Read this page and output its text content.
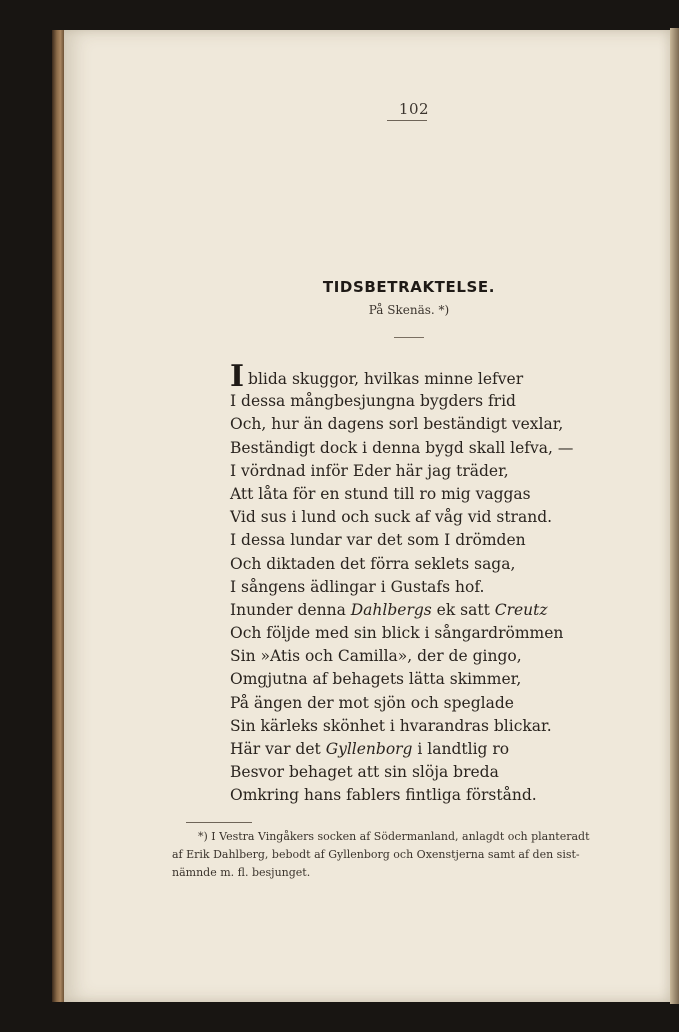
102
TIDSBETRAKTELSE.
På Skenäs. *)
Iblida skuggor, hvilkas minne lefver
I dessa mångbesjungna bygders frid
Och, hur än dagens sorl beständigt vexlar,
Beständigt dock i denna bygd skall lefva, —
I vördnad inför Eder här jag träder,
Att låta för en stund till ro mig vaggas
Vid sus i lund och suck af våg vid strand.
I dessa lundar var det som I drömden
Och diktaden det förra seklets saga,
I sångens ädlingar i Gustafs hof.
Inunder denna Dahlbergs ek satt Creutz
Och följde med sin blick i sångardrömmen
Sin »Atis och Camilla», der de gingo,
Omgjutna af behagets lätta skimmer,
På ängen der mot sjön och speglade
Sin kärleks skönhet i hvarandras blickar.
Här var det Gyllenborg i landtlig ro
Besvor behaget att sin slöja breda
Omkring hans fablers fintliga förstånd.
*) I Vestra Vingåkers socken af Södermanland, anlagdt och planteradt
af Erik Dahlberg, bebodt af Gyllenborg och Oxenstjerna samt af den sist-
nämnde m. fl. besjunget.
